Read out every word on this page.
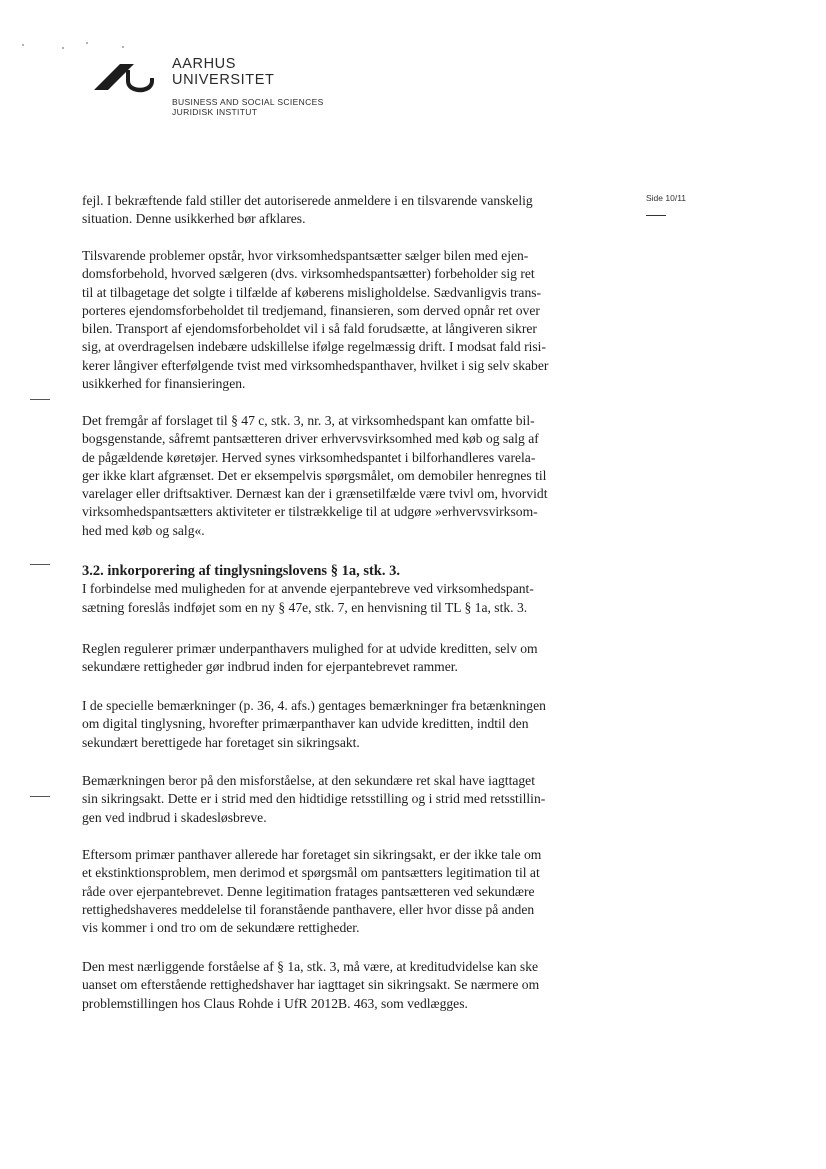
AARHUS
UNIVERSITET
BUSINESS AND SOCIAL SCIENCES
JURIDISK INSTITUT
Side 10/11
fejl. I bekræftende fald stiller det autoriserede anmeldere i en tilsvarende vanskelig
situation. Denne usikkerhed bør afklares.
Tilsvarende problemer opstår, hvor virksomhedspantsætter sælger bilen med ejen-
domsforbehold, hvorved sælgeren (dvs. virksomhedspantsætter) forbeholder sig ret
til at tilbagetage det solgte i tilfælde af køberens misligholdelse. Sædvanligvis trans-
porteres ejendomsforbeholdet til tredjemand, finansieren, som derved opnår ret over
bilen. Transport af ejendomsforbeholdet vil i så fald forudsætte, at långiveren sikrer
sig, at overdragelsen indebære udskillelse ifølge regelmæssig drift. I modsat fald risi-
kerer långiver efterfølgende tvist med virksomhedspanthaver, hvilket i sig selv skaber
usikkerhed for finansieringen.
Det fremgår af forslaget til § 47 c, stk. 3, nr. 3, at virksomhedspant kan omfatte bil-
bogsgenstande, såfremt pantsætteren driver erhvervsvirksomhed med køb og salg af
de pågældende køretøjer. Herved synes virksomhedspantet i bilforhandleres varela-
ger ikke klart afgrænset. Det er eksempelvis spørgsmålet, om demobiler henregnes til
varelager eller driftsaktiver. Dernæst kan der i grænsetilfælde være tvivl om, hvorvidt
virksomhedspantsætters aktiviteter er tilstrækkelige til at udgøre »erhvervsvirksom-
hed med køb og salg«.
3.2. inkorporering af tinglysningslovens § 1a, stk. 3.
I forbindelse med muligheden for at anvende ejerpantebreve ved virksomhedspant-
sætning foreslås indføjet som en ny § 47e, stk. 7, en henvisning til TL § 1a, stk. 3.
Reglen regulerer primær underpanthavers mulighed for at udvide kreditten, selv om
sekundære rettigheder gør indbrud inden for ejerpantebrevet rammer.
I de specielle bemærkninger (p. 36, 4. afs.) gentages bemærkninger fra betænkningen
om digital tinglysning, hvorefter primærpanthaver kan udvide kreditten, indtil den
sekundært berettigede har foretaget sin sikringsakt.
Bemærkningen beror på den misforståelse, at den sekundære ret skal have iagttaget
sin sikringsakt. Dette er i strid med den hidtidige retsstilling og i strid med retsstillin-
gen ved indbrud i skadesløsbreve.
Eftersom primær panthaver allerede har foretaget sin sikringsakt, er der ikke tale om
et ekstinktionsproblem, men derimod et spørgsmål om pantsætters legitimation til at
råde over ejerpantebrevet. Denne legitimation fratages pantsætteren ved sekundære
rettighedshaveres meddelelse til foranstående panthavere, eller hvor disse på anden
vis kommer i ond tro om de sekundære rettigheder.
Den mest nærliggende forståelse af § 1a, stk. 3, må være, at kreditudvidelse kan ske
uanset om efterstående rettighedshaver har iagttaget sin sikringsakt. Se nærmere om
problemstillingen hos Claus Rohde i UfR 2012B. 463, som vedlægges.
